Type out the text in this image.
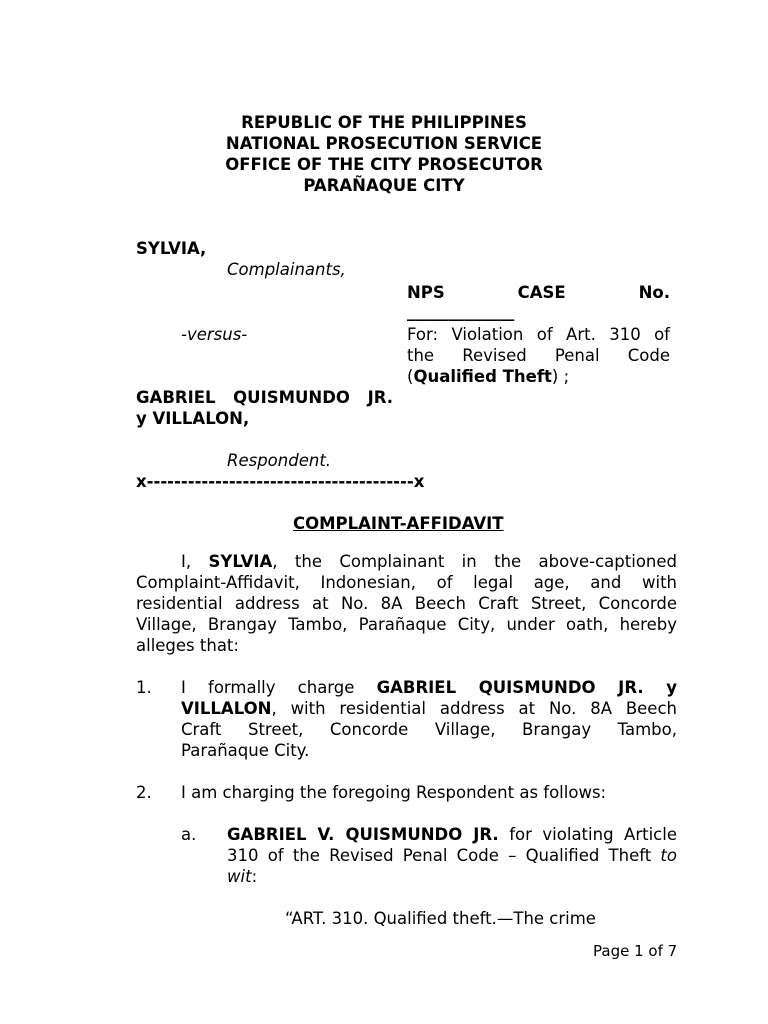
REPUBLIC OF THE PHILIPPINES
NATIONAL PROSECUTION SERVICE
OFFICE OF THE CITY PROSECUTOR
PARAÑAQUE CITY
SYLVIA,
Complainants,
-versus-
GABRIEL QUISMUNDO JR.
y VILLALON,
Respondent.
x---------------------------------------x
NPS	CASE	No.
_____________
For: Violation of Art. 310 of
the Revised Penal Code
(Qualified Theft) ;
COMPLAINT-AFFIDAVIT
I, SYLVIA, the Complainant in the above-captioned
Complaint-Affidavit, Indonesian, of legal age, and with
residential address at No. 8A Beech Craft Street, Concorde
Village, Brangay Tambo, Parañaque City, under oath, hereby
alleges that:
1. I formally charge GABRIEL QUISMUNDO JR. y
VILLALON, with residential address at No. 8A Beech
Craft Street, Concorde Village, Brangay Tambo,
Parañaque City.
2. I am charging the foregoing Respondent as follows:
a. GABRIEL V. QUISMUNDO JR. for violating Article
310 of the Revised Penal Code – Qualified Theft to
wit:
“ART. 310. Qualified theft.—The crime
Page 1 of 7
